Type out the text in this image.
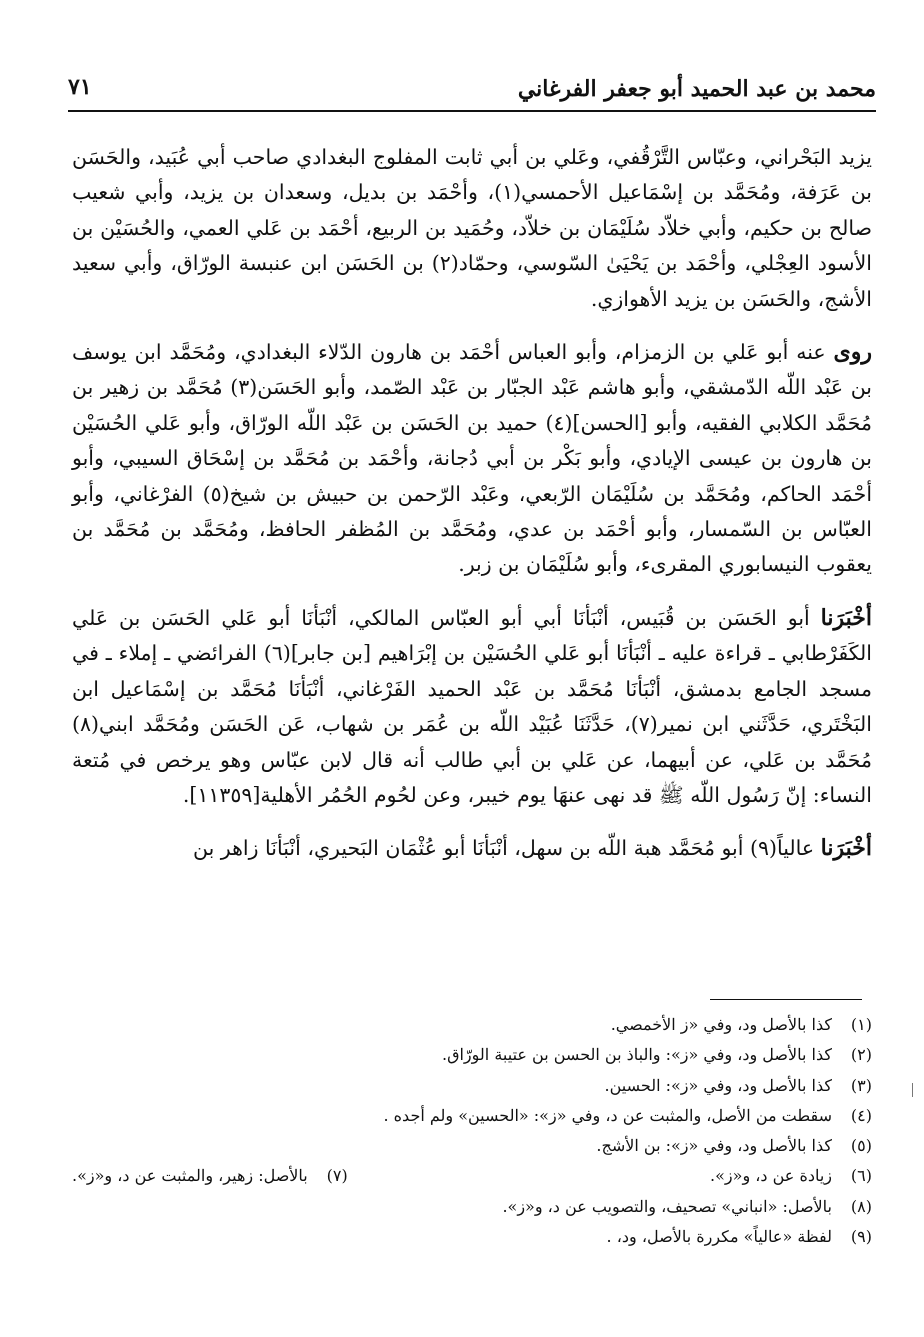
محمد بن عبد الحميد أبو جعفر الفرغاني
٧١

يزيد البَحْراني، وعبّاس التَّرْقُفي، وعَلي بن أبي ثابت المفلوج البغدادي صاحب أبي عُبَيد، والحَسَن بن عَرَفة، ومُحَمَّد بن إسْمَاعيل الأحمسي(١)، وأحْمَد بن بديل، وسعدان بن يزيد، وأبي شعيب صالح بن حكيم، وأبي خلاّد سُلَيْمَان بن خلاّد، وحُمَيد بن الربيع، أحْمَد بن عَلي العمي، والحُسَيْن بن الأسود العِجْلي، وأحْمَد بن يَحْيَىٰ السّوسي، وحمّاد(٢) بن الحَسَن ابن عنبسة الورّاق، وأبي سعيد الأشج، والحَسَن بن يزيد الأهوازي.

روى عنه أبو عَلي بن الزمزام، وأبو العباس أحْمَد بن هارون الدّلاء البغدادي، ومُحَمَّد ابن يوسف بن عَبْد اللّه الدّمشقي، وأبو هاشم عَبْد الجبّار بن عَبْد الصّمد، وأبو الحَسَن(٣) مُحَمَّد بن زهير بن مُحَمَّد الكلابي الفقيه، وأبو [الحسن](٤) حميد بن الحَسَن بن عَبْد اللّه الورّاق، وأبو عَلي الحُسَيْن بن هارون بن عيسى الإيادي، وأبو بَكْر بن أبي دُجانة، وأحْمَد بن مُحَمَّد بن إسْحَاق السيبي، وأبو أحْمَد الحاكم، ومُحَمَّد بن سُلَيْمَان الرّبعي، وعَبْد الرّحمن بن حبيش بن شيخ(٥) الفرْغاني، وأبو العبّاس بن السّمسار، وأبو أحْمَد بن عدي، ومُحَمَّد بن المُظفر الحافظ، ومُحَمَّد بن مُحَمَّد بن يعقوب النيسابوري المقرىء، وأبو سُلَيْمَان بن زبر.

أخْبَرَنا أبو الحَسَن بن قُبَيس، أنْبَأنَا أبي أبو العبّاس المالكي، أنْبَأنَا أبو عَلي الحَسَن بن عَلي الكَفَرْطابي ـ قراءة عليه ـ أنْبَأنَا أبو عَلي الحُسَيْن بن إبْرَاهيم [بن جابر](٦) الفرائضي ـ إملاء ـ في مسجد الجامع بدمشق، أنْبَأنَا مُحَمَّد بن عَبْد الحميد الفَرْغاني، أنْبَأنَا مُحَمَّد بن إسْمَاعيل ابن البَخْتَري، حَدَّثَني ابن نمير(٧)، حَدَّثَنَا عُبَيْد اللّه بن عُمَر بن شهاب، عَن الحَسَن ومُحَمَّد ابني(٨) مُحَمَّد بن عَلي، عن أبيهما، عن عَلي بن أبي طالب أنه قال لابن عبّاس وهو يرخص في مُتعة النساء: إنّ رَسُول اللّه ﷺ قد نهى عنهَا يوم خيبر، وعن لحُوم الحُمُر الأهلية[١١٣٥٩].

أخْبَرَنا عالياً(٩) أبو مُحَمَّد هبة اللّه بن سهل، أنْبَأنَا أبو عُثْمَان البَحيري، أنْبَأنَا زاهر بن

(١)كذا بالأصل ود، وفي «ز الأخمصي.
(٢)كذا بالأصل ود، وفي «ز»: والباذ بن الحسن بن عتيبة الورّاق.
(٣)كذا بالأصل ود، وفي «ز»: الحسين.
(٤)سقطت من الأصل، والمثبت عن د، وفي «ز»: «الحسين» ولم أجده .
(٥)كذا بالأصل ود، وفي «ز»: بن الأشج.
(٦)زيادة عن د، و«ز».
(٧)بالأصل: زهير، والمثبت عن د، و«ز».
(٨)بالأصل: «انباني» تصحيف، والتصويب عن د، و«ز».
(٩)لفظة «عالياً» مكررة بالأصل، ود، .
